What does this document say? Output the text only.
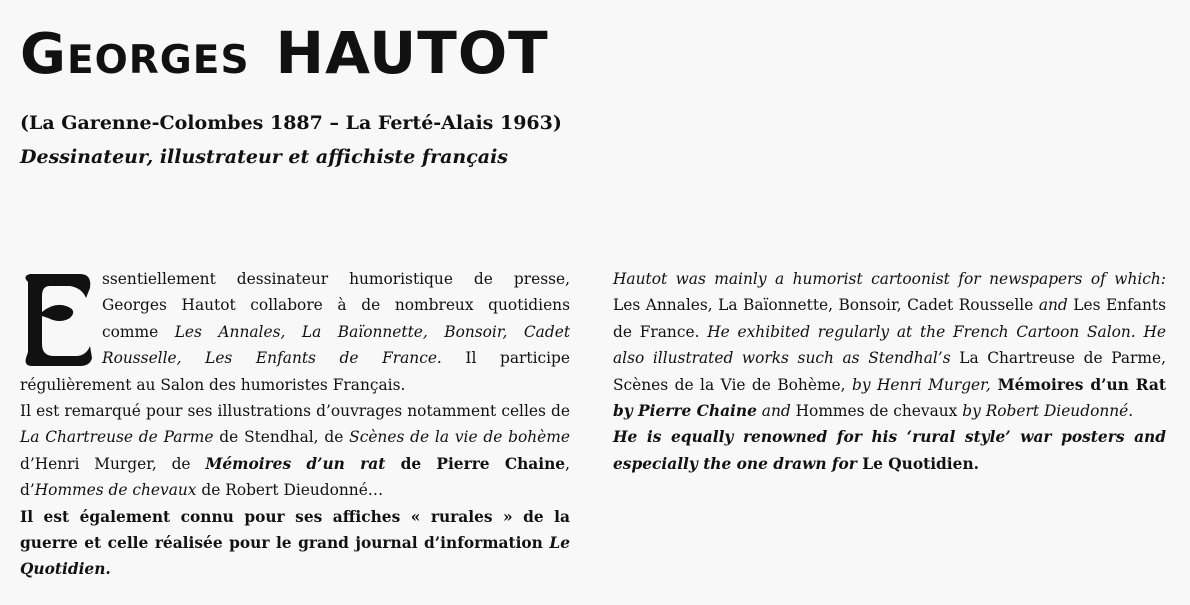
Georges HAUTOT
(La Garenne-Colombes 1887 – La Ferté-Alais 1963)
Dessinateur, illustrateur et affichiste français

ssentiellement dessinateur humoristique de presse, Georges Hautot collabore à de nombreux quotidiens comme Les Annales, La Baïonnette, Bonsoir, Cadet Rousselle, Les Enfants de France. Il participe régulièrement au Salon des humoristes Français.

Il est remarqué pour ses illustrations d’ouvrages notamment celles de La Chartreuse de Parme de Stendhal, de Scènes de la vie de bohème d’Henri Murger, de Mémoires d’un rat de Pierre Chaine, d’Hommes de chevaux de Robert Dieudonné…

Il est également connu pour ses affiches « rurales » de la guerre et celle réalisée pour le grand journal d’information Le Quotidien.

Hautot was mainly a humorist cartoonist for newspapers of which: Les Annales, La Baïonnette, Bonsoir, Cadet Rousselle and Les Enfants de France. He exhibited regularly at the French Cartoon Salon. He also illustrated works such as Stendhal’s La Chartreuse de Parme, Scènes de la Vie de Bohème, by Henri Murger, Mémoires d’un Rat by Pierre Chaine and Hommes de chevaux by Robert Dieudonné.

He is equally renowned for his ‘rural style’ war posters and especially the one drawn for Le Quotidien.
